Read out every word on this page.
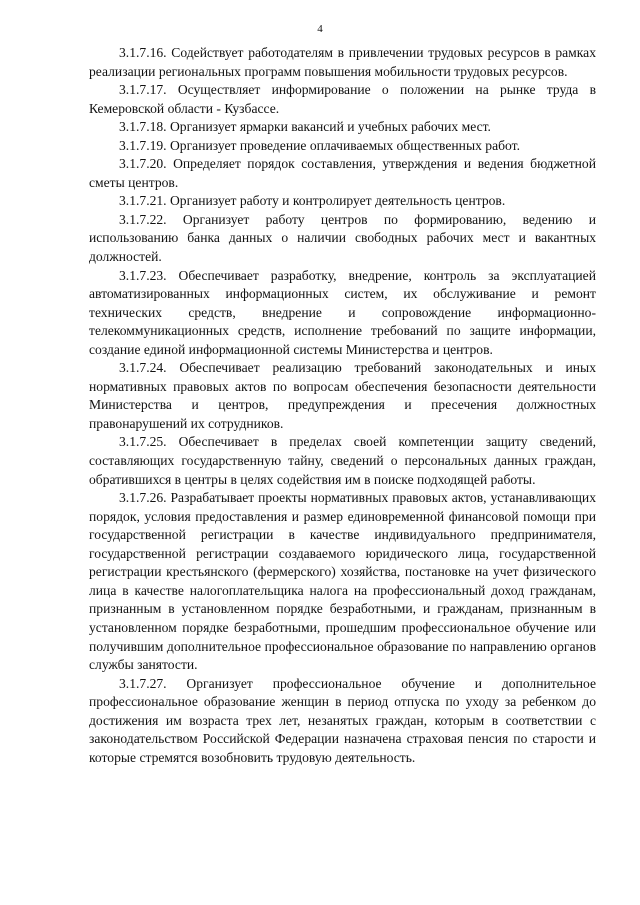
4

3.1.7.16. Содействует работодателям в привлечении трудовых ресурсов в рамках реализации региональных программ повышения мобильности трудовых ресурсов.

3.1.7.17. Осуществляет информирование о положении на рынке труда в Кемеровской области - Кузбассе.

3.1.7.18. Организует ярмарки вакансий и учебных рабочих мест.

3.1.7.19. Организует проведение оплачиваемых общественных работ.

3.1.7.20. Определяет порядок составления, утверждения и ведения бюджетной сметы центров.

3.1.7.21. Организует работу и контролирует деятельность центров.

3.1.7.22. Организует работу центров по формированию, ведению и использованию банка данных о наличии свободных рабочих мест и вакантных должностей.

3.1.7.23. Обеспечивает разработку, внедрение, контроль за эксплуатацией автоматизированных информационных систем, их обслуживание и ремонт технических средств, внедрение и сопровождение информационно-телекоммуникационных средств, исполнение требований по защите информации, создание единой информационной системы Министерства и центров.

3.1.7.24. Обеспечивает реализацию требований законодательных и иных нормативных правовых актов по вопросам обеспечения безопасности деятельности Министерства и центров, предупреждения и пресечения должностных правонарушений их сотрудников.

3.1.7.25. Обеспечивает в пределах своей компетенции защиту сведений, составляющих государственную тайну, сведений о персональных данных граждан, обратившихся в центры в целях содействия им в поиске подходящей работы.

3.1.7.26. Разрабатывает проекты нормативных правовых актов, устанавливающих порядок, условия предоставления и размер единовременной финансовой помощи при государственной регистрации в качестве индивидуального предпринимателя, государственной регистрации создаваемого юридического лица, государственной регистрации крестьянского (фермерского) хозяйства, постановке на учет физического лица в качестве налогоплательщика налога на профессиональный доход гражданам, признанным в установленном порядке безработными, и гражданам, признанным в установленном порядке безработными, прошедшим профессиональное обучение или получившим дополнительное профессиональное образование по направлению органов службы занятости.

3.1.7.27. Организует профессиональное обучение и дополнительное профессиональное образование женщин в период отпуска по уходу за ребенком до достижения им возраста трех лет, незанятых граждан, которым в соответствии с законодательством Российской Федерации назначена страховая пенсия по старости и которые стремятся возобновить трудовую деятельность.
